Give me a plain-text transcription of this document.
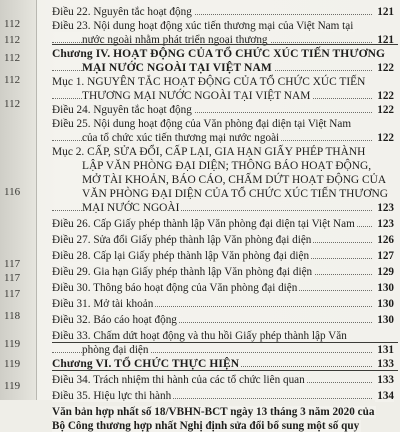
112
112
112
112
112
116
117
117
117
118
119
119
119
Điều 22. Nguyên tắc hoạt động	121
Điều 23. Nội dung hoạt động xúc tiến thương mại của Việt Nam tại
nước ngoài nhằm phát triển ngoại thương	121
Chương IV. HOẠT ĐỘNG CỦA TỔ CHỨC XÚC TIẾN THƯƠNG
MẠI NƯỚC NGOÀI TẠI VIỆT NAM	122
Mục 1. NGUYÊN TẮC HOẠT ĐỘNG CỦA TỔ CHỨC XÚC TIẾN
THƯƠNG MẠI NƯỚC NGOÀI TẠI VIỆT NAM	122
Điều 24. Nguyên tắc hoạt động	122
Điều 25. Nội dung hoạt động của Văn phòng đại diện tại Việt Nam
của tổ chức xúc tiến thương mại nước ngoài	122
Mục 2. CẤP, SỬA ĐỔI, CẤP LẠI, GIA HẠN GIẤY PHÉP THÀNH
LẬP VĂN PHÒNG ĐẠI DIỆN; THÔNG BÁO HOẠT ĐỘNG,
MỞ TÀI KHOẢN, BÁO CÁO, CHẤM DỨT HOẠT ĐỘNG CỦA
VĂN PHÒNG ĐẠI DIỆN CỦA TỔ CHỨC XÚC TIẾN THƯƠNG
MẠI NƯỚC NGOÀI	123
Điều 26. Cấp Giấy phép thành lập Văn phòng đại diện tại Việt Nam 123
Điều 27. Sửa đổi Giấy phép thành lập Văn phòng đại diện	126
Điều 28. Cấp lại Giấy phép thành lập Văn phòng đại diện	127
Điều 29. Gia hạn Giấy phép thành lập Văn phòng đại diện	129
Điều 30. Thông báo hoạt động của Văn phòng đại diện	130
Điều 31. Mở tài khoản	130
Điều 32. Báo cáo hoạt động	130
Điều 33. Chấm dứt hoạt động và thu hồi Giấy phép thành lập Văn
phòng đại diện	131
Chương VI. TỔ CHỨC THỰC HIỆN	133
Điều 34. Trách nhiệm thi hành của các tổ chức liên quan	133
Điều 35. Hiệu lực thi hành	134
Văn bản hợp nhất số 18/VBHN-BCT ngày 13 tháng 3 năm 2020 của
Bộ Công thương hợp nhất Nghị định sửa đổi bổ sung một số quy
